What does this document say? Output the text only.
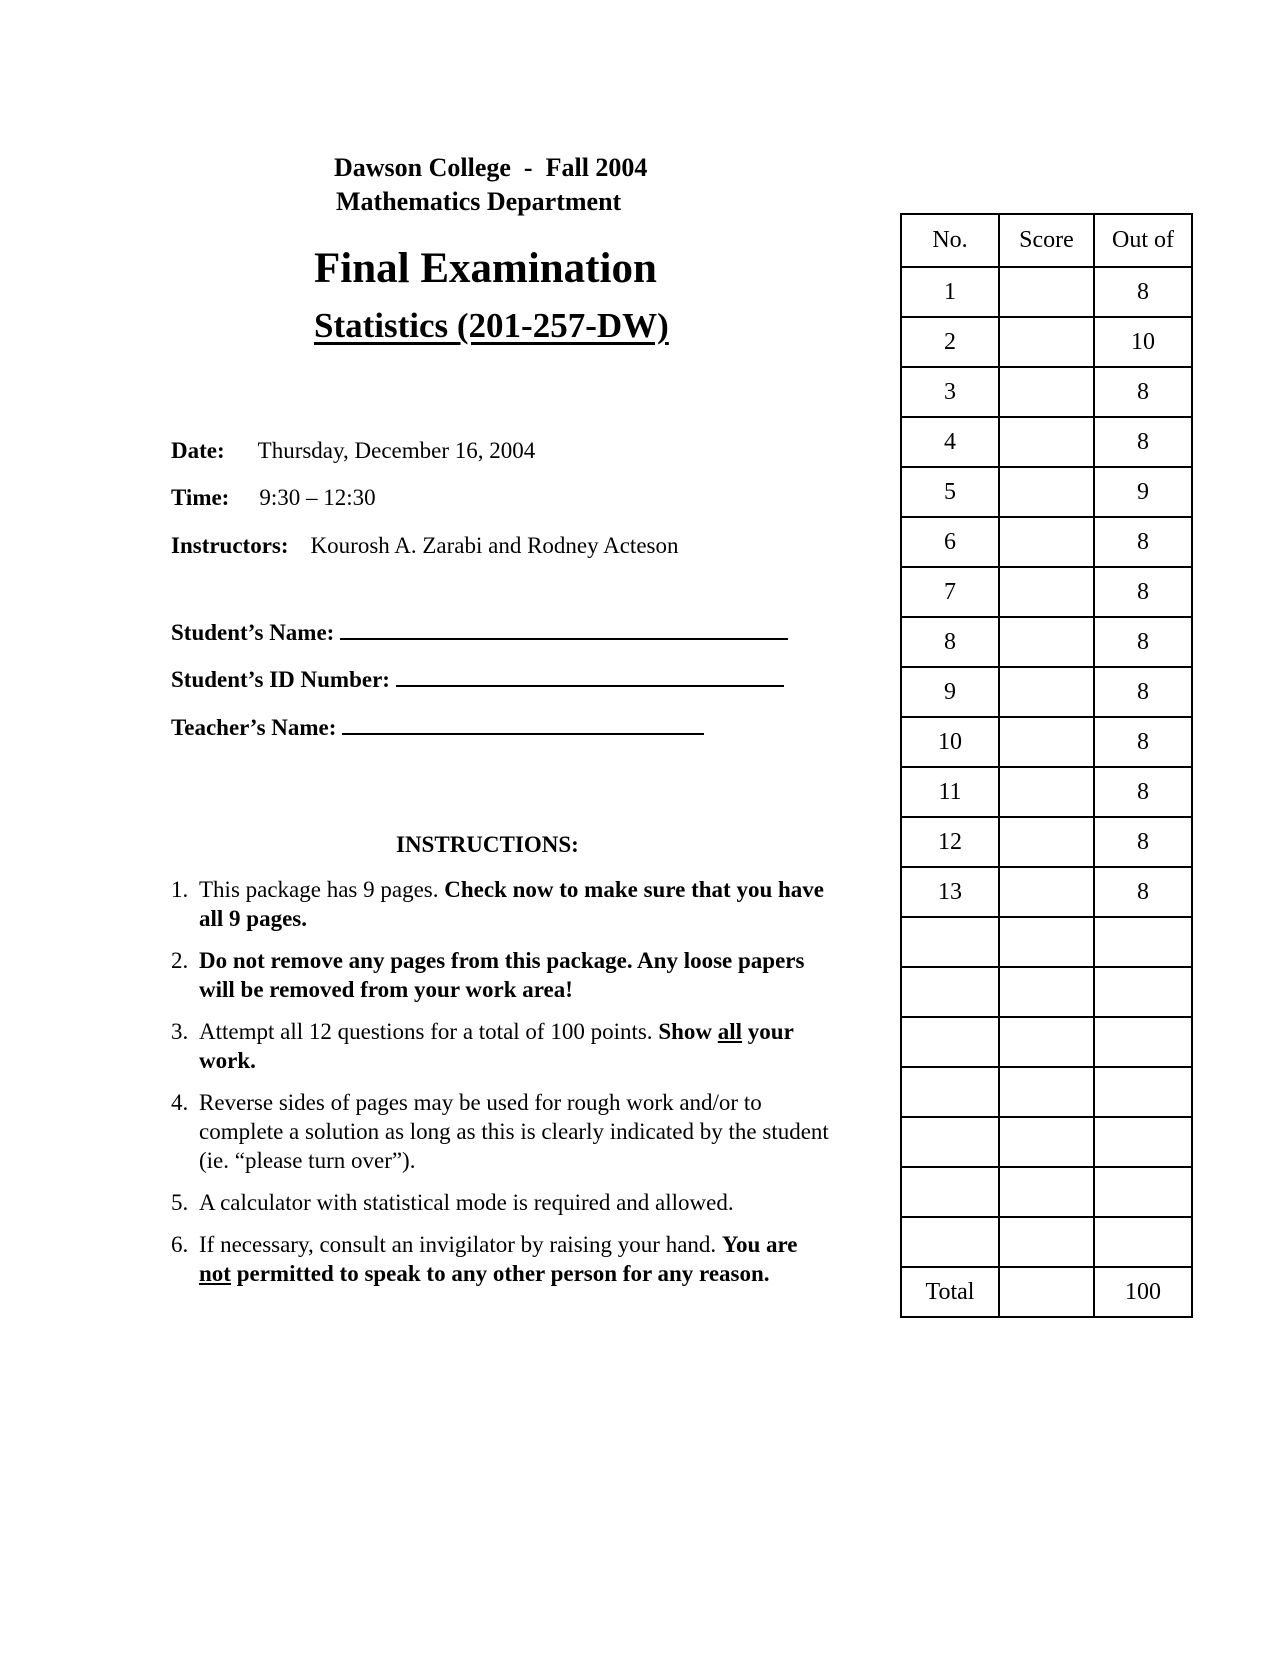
Dawson College  -  Fall 2004
Mathematics Department
Final Examination
Statistics (201-257-DW)
Date: Thursday, December 16, 2004
Time: 9:30 – 12:30
Instructors: Kourosh A. Zarabi and Rodney Acteson
Student’s Name:
Student’s ID Number:
Teacher’s Name:
INSTRUCTIONS:
1. This package has 9 pages. Check now to make sure that you have all 9 pages.
2. Do not remove any pages from this package. Any loose papers will be removed from your work area!
3. Attempt all 12 questions for a total of 100 points. Show all your work.
4. Reverse sides of pages may be used for rough work and/or to complete a solution as long as this is clearly indicated by the student (ie. “please turn over”).
5. A calculator with statistical mode is required and allowed.
6. If necessary, consult an invigilator by raising your hand. You are not permitted to speak to any other person for any reason.
No.	Score	Out of
1		8
2		10
3		8
4		8
5		9
6		8
7		8
8		8
9		8
10		8
11		8
12		8
13		8

Total		100
